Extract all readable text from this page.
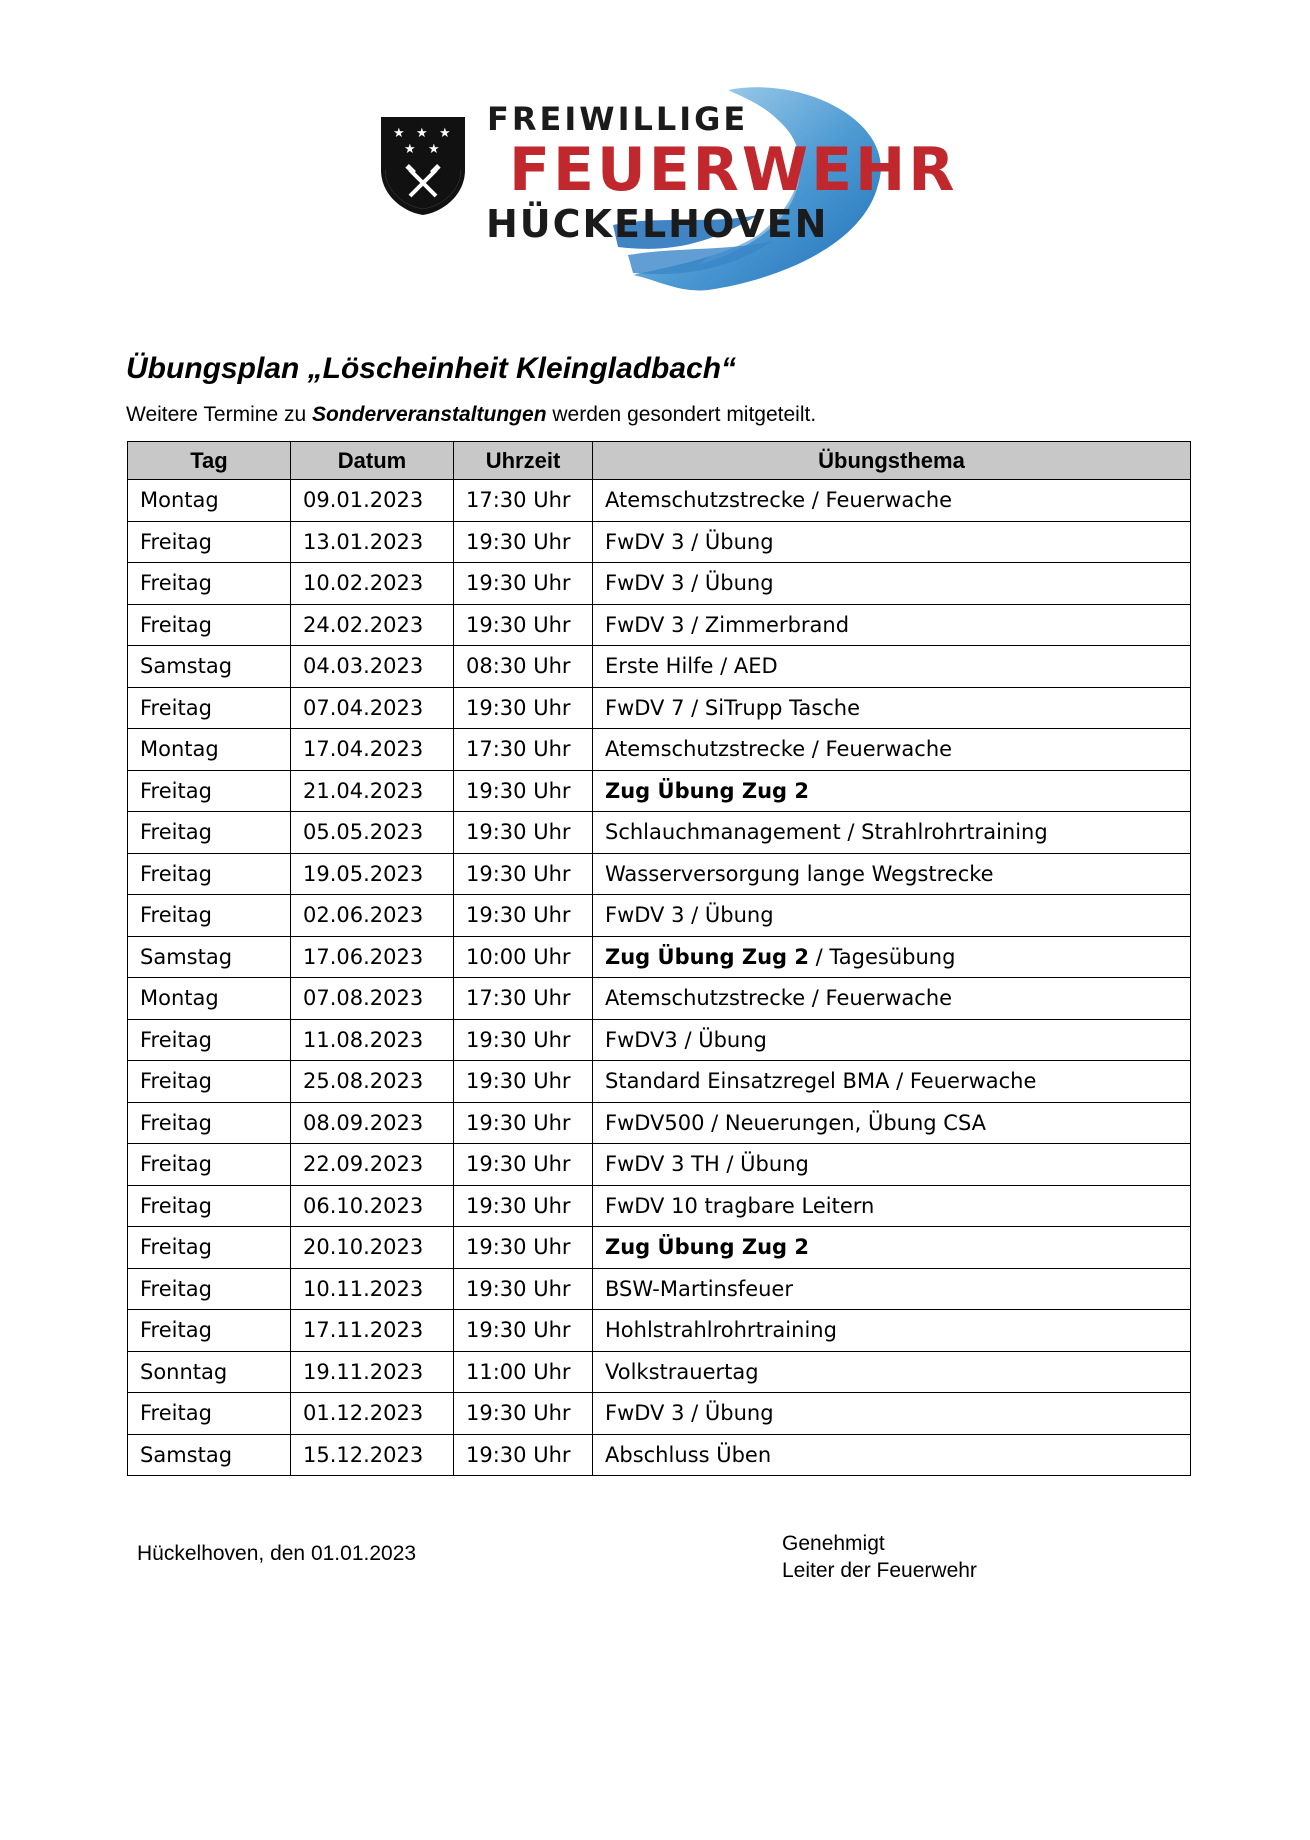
★ ★ ★
★ ★
FREIWILLIGE
FEUERWEHR
HÜCKELHOVEN
Übungsplan „Löscheinheit Kleingladbach“
Weitere Termine zu Sonderveranstaltungen werden gesondert mitgeteilt.
Tag	Datum	Uhrzeit	Übungsthema
Montag	09.01.2023	17:30 Uhr	Atemschutzstrecke / Feuerwache
Freitag	13.01.2023	19:30 Uhr	FwDV 3 / Übung
Freitag	10.02.2023	19:30 Uhr	FwDV 3 / Übung
Freitag	24.02.2023	19:30 Uhr	FwDV 3 / Zimmerbrand
Samstag	04.03.2023	08:30 Uhr	Erste Hilfe / AED
Freitag	07.04.2023	19:30 Uhr	FwDV 7 / SiTrupp Tasche
Montag	17.04.2023	17:30 Uhr	Atemschutzstrecke / Feuerwache
Freitag	21.04.2023	19:30 Uhr	Zug Übung Zug 2
Freitag	05.05.2023	19:30 Uhr	Schlauchmanagement / Strahlrohrtraining
Freitag	19.05.2023	19:30 Uhr	Wasserversorgung lange Wegstrecke
Freitag	02.06.2023	19:30 Uhr	FwDV 3 / Übung
Samstag	17.06.2023	10:00 Uhr	Zug Übung Zug 2 / Tagesübung
Montag	07.08.2023	17:30 Uhr	Atemschutzstrecke / Feuerwache
Freitag	11.08.2023	19:30 Uhr	FwDV3 / Übung
Freitag	25.08.2023	19:30 Uhr	Standard Einsatzregel BMA / Feuerwache
Freitag	08.09.2023	19:30 Uhr	FwDV500 / Neuerungen, Übung CSA
Freitag	22.09.2023	19:30 Uhr	FwDV 3 TH / Übung
Freitag	06.10.2023	19:30 Uhr	FwDV 10 tragbare Leitern
Freitag	20.10.2023	19:30 Uhr	Zug Übung Zug 2
Freitag	10.11.2023	19:30 Uhr	BSW-Martinsfeuer
Freitag	17.11.2023	19:30 Uhr	Hohlstrahlrohrtraining
Sonntag	19.11.2023	11:00 Uhr	Volkstrauertag
Freitag	01.12.2023	19:30 Uhr	FwDV 3 / Übung
Samstag	15.12.2023	19:30 Uhr	Abschluss Üben
Hückelhoven, den 01.01.2023	Genehmigt
Leiter der Feuerwehr
